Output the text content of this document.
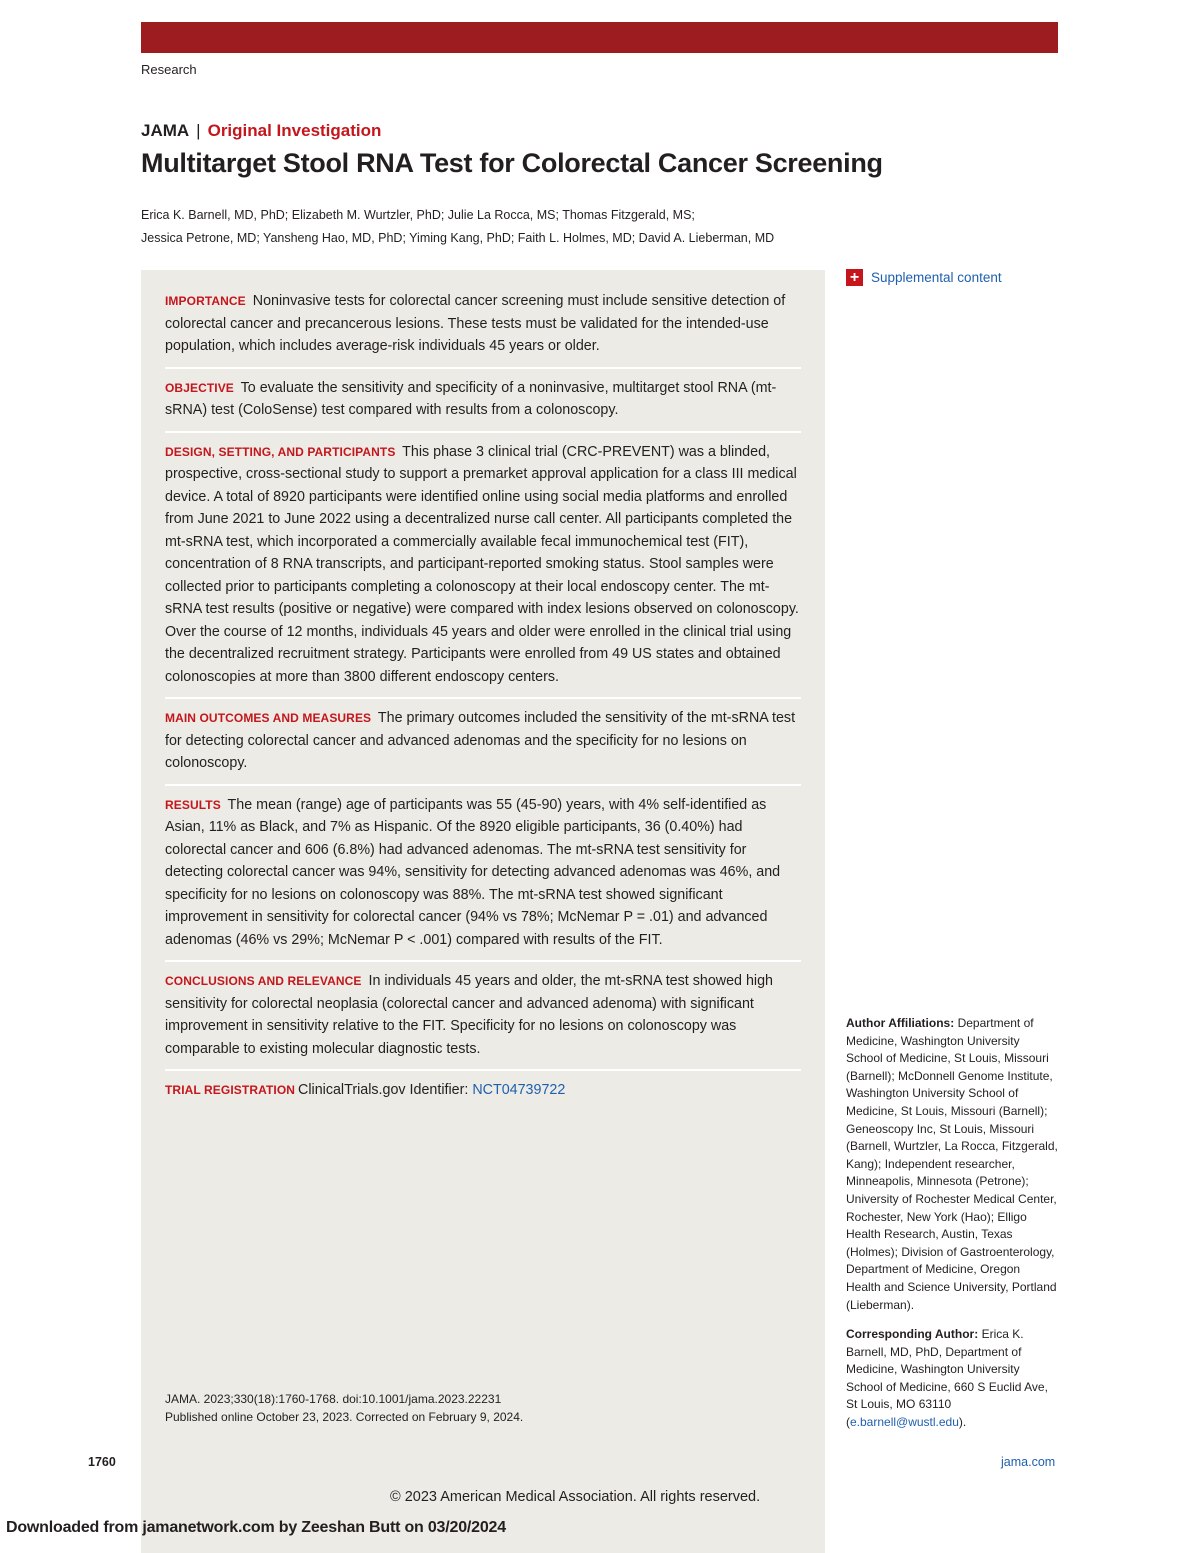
Research
JAMA | Original Investigation
Multitarget Stool RNA Test for Colorectal Cancer Screening
Erica K. Barnell, MD, PhD; Elizabeth M. Wurtzler, PhD; Julie La Rocca, MS; Thomas Fitzgerald, MS;
Jessica Petrone, MD; Yansheng Hao, MD, PhD; Yiming Kang, PhD; Faith L. Holmes, MD; David A. Lieberman, MD
+ Supplemental content
IMPORTANCE Noninvasive tests for colorectal cancer screening must include sensitive detection of colorectal cancer and precancerous lesions. These tests must be validated for the intended-use population, which includes average-risk individuals 45 years or older.
OBJECTIVE To evaluate the sensitivity and specificity of a noninvasive, multitarget stool RNA (mt-sRNA) test (ColoSense) test compared with results from a colonoscopy.
DESIGN, SETTING, AND PARTICIPANTS This phase 3 clinical trial (CRC-PREVENT) was a blinded, prospective, cross-sectional study to support a premarket approval application for a class III medical device. A total of 8920 participants were identified online using social media platforms and enrolled from June 2021 to June 2022 using a decentralized nurse call center. All participants completed the mt-sRNA test, which incorporated a commercially available fecal immunochemical test (FIT), concentration of 8 RNA transcripts, and participant-reported smoking status. Stool samples were collected prior to participants completing a colonoscopy at their local endoscopy center. The mt-sRNA test results (positive or negative) were compared with index lesions observed on colonoscopy. Over the course of 12 months, individuals 45 years and older were enrolled in the clinical trial using the decentralized recruitment strategy. Participants were enrolled from 49 US states and obtained colonoscopies at more than 3800 different endoscopy centers.
MAIN OUTCOMES AND MEASURES The primary outcomes included the sensitivity of the mt-sRNA test for detecting colorectal cancer and advanced adenomas and the specificity for no lesions on colonoscopy.
RESULTS The mean (range) age of participants was 55 (45-90) years, with 4% self-identified as Asian, 11% as Black, and 7% as Hispanic. Of the 8920 eligible participants, 36 (0.40%) had colorectal cancer and 606 (6.8%) had advanced adenomas. The mt-sRNA test sensitivity for detecting colorectal cancer was 94%, sensitivity for detecting advanced adenomas was 46%, and specificity for no lesions on colonoscopy was 88%. The mt-sRNA test showed significant improvement in sensitivity for colorectal cancer (94% vs 78%; McNemar P = .01) and advanced adenomas (46% vs 29%; McNemar P < .001) compared with results of the FIT.
CONCLUSIONS AND RELEVANCE In individuals 45 years and older, the mt-sRNA test showed high sensitivity for colorectal neoplasia (colorectal cancer and advanced adenoma) with significant improvement in sensitivity relative to the FIT. Specificity for no lesions on colonoscopy was comparable to existing molecular diagnostic tests.
TRIAL REGISTRATION ClinicalTrials.gov Identifier: NCT04739722
JAMA. 2023;330(18):1760-1768. doi:10.1001/jama.2023.22231
Published online October 23, 2023. Corrected on February 9, 2024.

Author Affiliations: Department of Medicine, Washington University School of Medicine, St Louis, Missouri (Barnell); McDonnell Genome Institute, Washington University School of Medicine, St Louis, Missouri (Barnell); Geneoscopy Inc, St Louis, Missouri (Barnell, Wurtzler, La Rocca, Fitzgerald, Kang); Independent researcher, Minneapolis, Minnesota (Petrone); University of Rochester Medical Center, Rochester, New York (Hao); Elligo Health Research, Austin, Texas (Holmes); Division of Gastroenterology, Department of Medicine, Oregon Health and Science University, Portland (Lieberman).

Corresponding Author: Erica K. Barnell, MD, PhD, Department of Medicine, Washington University School of Medicine, 660 S Euclid Ave, St Louis, MO 63110 (e.barnell@wustl.edu).

1760	jama.com
© 2023 American Medical Association. All rights reserved.
Downloaded from jamanetwork.com by Zeeshan Butt on 03/20/2024
